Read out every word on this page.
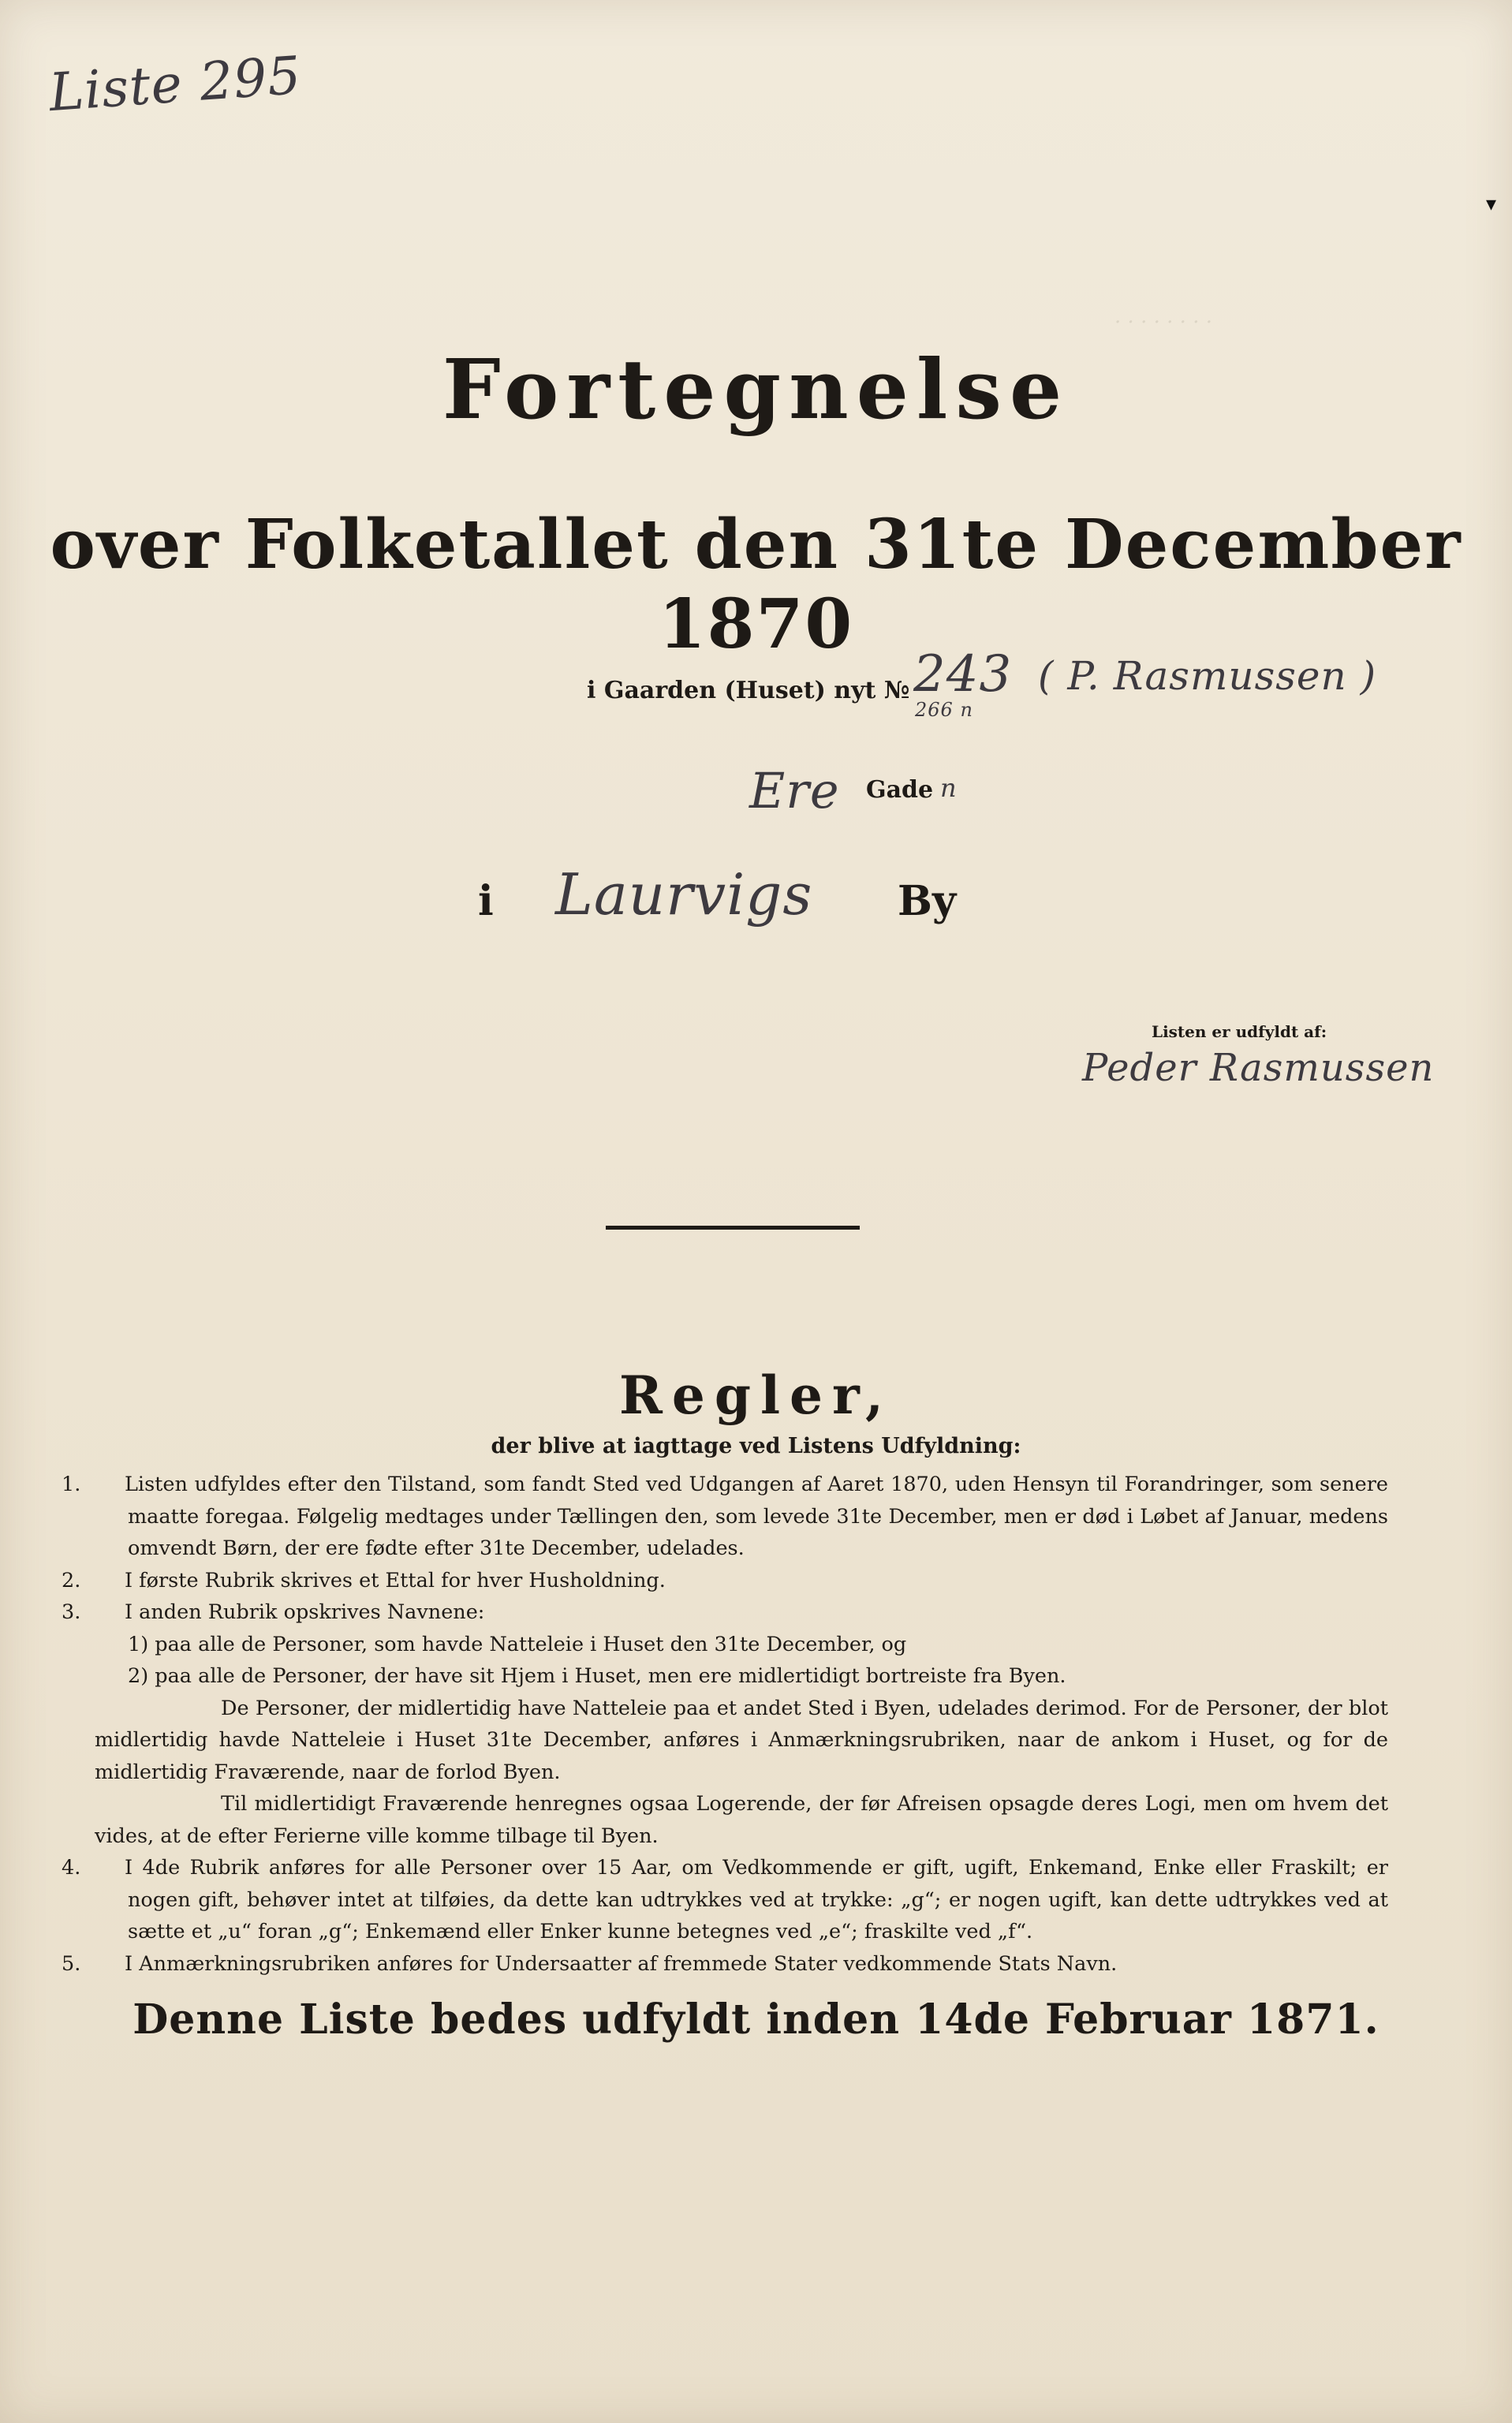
Liste 295
▾
Fortegnelse
over Folketallet den 31te December 1870
i Gaarden (Huset) nyt № 243
266 n
( P. Rasmussen )
Ere Gade n
i Laurvigs By
Listen er udfyldt af:
Peder Rasmussen
· · · · · · · ·
Regler,
der blive at iagttage ved Listens Udfyldning:

1. Listen udfyldes efter den Tilstand, som fandt Sted ved Udgangen af Aaret 1870, uden Hensyn til Forandringer, som senere maatte foregaa. Følgelig medtages under Tællingen den, som levede 31te December, men er død i Løbet af Januar, medens omvendt Børn, der ere fødte efter 31te December, udelades.

2. I første Rubrik skrives et Ettal for hver Husholdning.

3. I anden Rubrik opskrives Navnene:

1) paa alle de Personer, som havde Natteleie i Huset den 31te December, og

2) paa alle de Personer, der have sit Hjem i Huset, men ere midlertidigt bortreiste fra Byen.

De Personer, der midlertidig have Natteleie paa et andet Sted i Byen, udelades derimod. For de Personer, der blot midlertidig havde Natteleie i Huset 31te December, anføres i Anmærkningsrubriken, naar de ankom i Huset, og for de midlertidig Fraværende, naar de forlod Byen.

Til midlertidigt Fraværende henregnes ogsaa Logerende, der før Afreisen opsagde deres Logi, men om hvem det vides, at de efter Ferierne ville komme tilbage til Byen.

4. I 4de Rubrik anføres for alle Personer over 15 Aar, om Vedkommende er gift, ugift, Enkemand, Enke eller Fraskilt; er nogen gift, behøver intet at tilføies, da dette kan udtrykkes ved at trykke: „g“; er nogen ugift, kan dette udtrykkes ved at sætte et „u“ foran „g“; Enkemænd eller Enker kunne betegnes ved „e“; fraskilte ved „f“.

5. I Anmærkningsrubriken anføres for Undersaatter af fremmede Stater vedkommende Stats Navn.

Denne Liste bedes udfyldt inden 14de Februar 1871.
